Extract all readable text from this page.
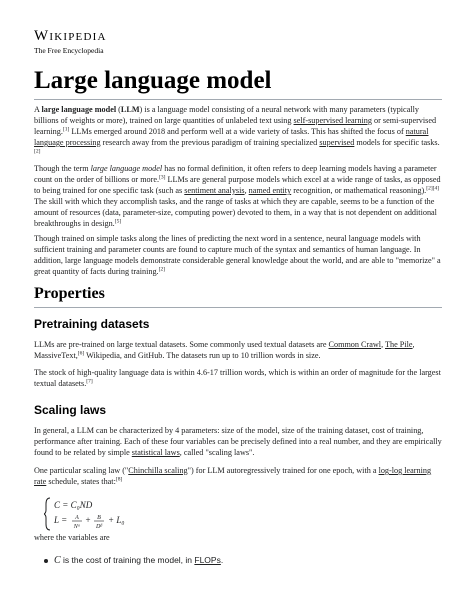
Wikipedia
The Free Encyclopedia
Large language model

A large language model (LLM) is a language model consisting of a neural network with many parameters (typically billions of weights or more), trained on large quantities of unlabeled text using self-supervised learning or semi-supervised learning.[1] LLMs emerged around 2018 and perform well at a wide variety of tasks. This has shifted the focus of natural language processing research away from the previous paradigm of training specialized supervised models for specific tasks.[2]

Though the term large language model has no formal definition, it often refers to deep learning models having a parameter count on the order of billions or more.[3] LLMs are general purpose models which excel at a wide range of tasks, as opposed to being trained for one specific task (such as sentiment analysis, named entity recognition, or mathematical reasoning).[2][4] The skill with which they accomplish tasks, and the range of tasks at which they are capable, seems to be a function of the amount of resources (data, parameter-size, computing power) devoted to them, in a way that is not dependent on additional breakthroughs in design.[5]

Though trained on simple tasks along the lines of predicting the next word in a sentence, neural language models with sufficient training and parameter counts are found to capture much of the syntax and semantics of human language. In addition, large language models demonstrate considerable general knowledge about the world, and are able to "memorize" a great quantity of facts during training.[2]

Properties
Pretraining datasets

LLMs are pre-trained on large textual datasets. Some commonly used textual datasets are Common Crawl, The Pile, MassiveText,[6] Wikipedia, and GitHub. The datasets run up to 10 trillion words in size.

The stock of high-quality language data is within 4.6-17 trillion words, which is within an order of magnitude for the largest textual datasets.[7]

Scaling laws

In general, a LLM can be characterized by 4 parameters: size of the model, size of the training dataset, cost of training, performance after training. Each of these four variables can be precisely defined into a real number, and they are empirically found to be related by simple statistical laws, called "scaling laws".

One particular scaling law ("Chinchilla scaling") for LLM autoregressively trained for one epoch, with a log-log learning rate schedule, states that:[8]

C = C₀ND
L = A
Nᵅ
+ B
Dᵝ
+ L₀

where the variables are

C is the cost of training the model, in FLOPs.
